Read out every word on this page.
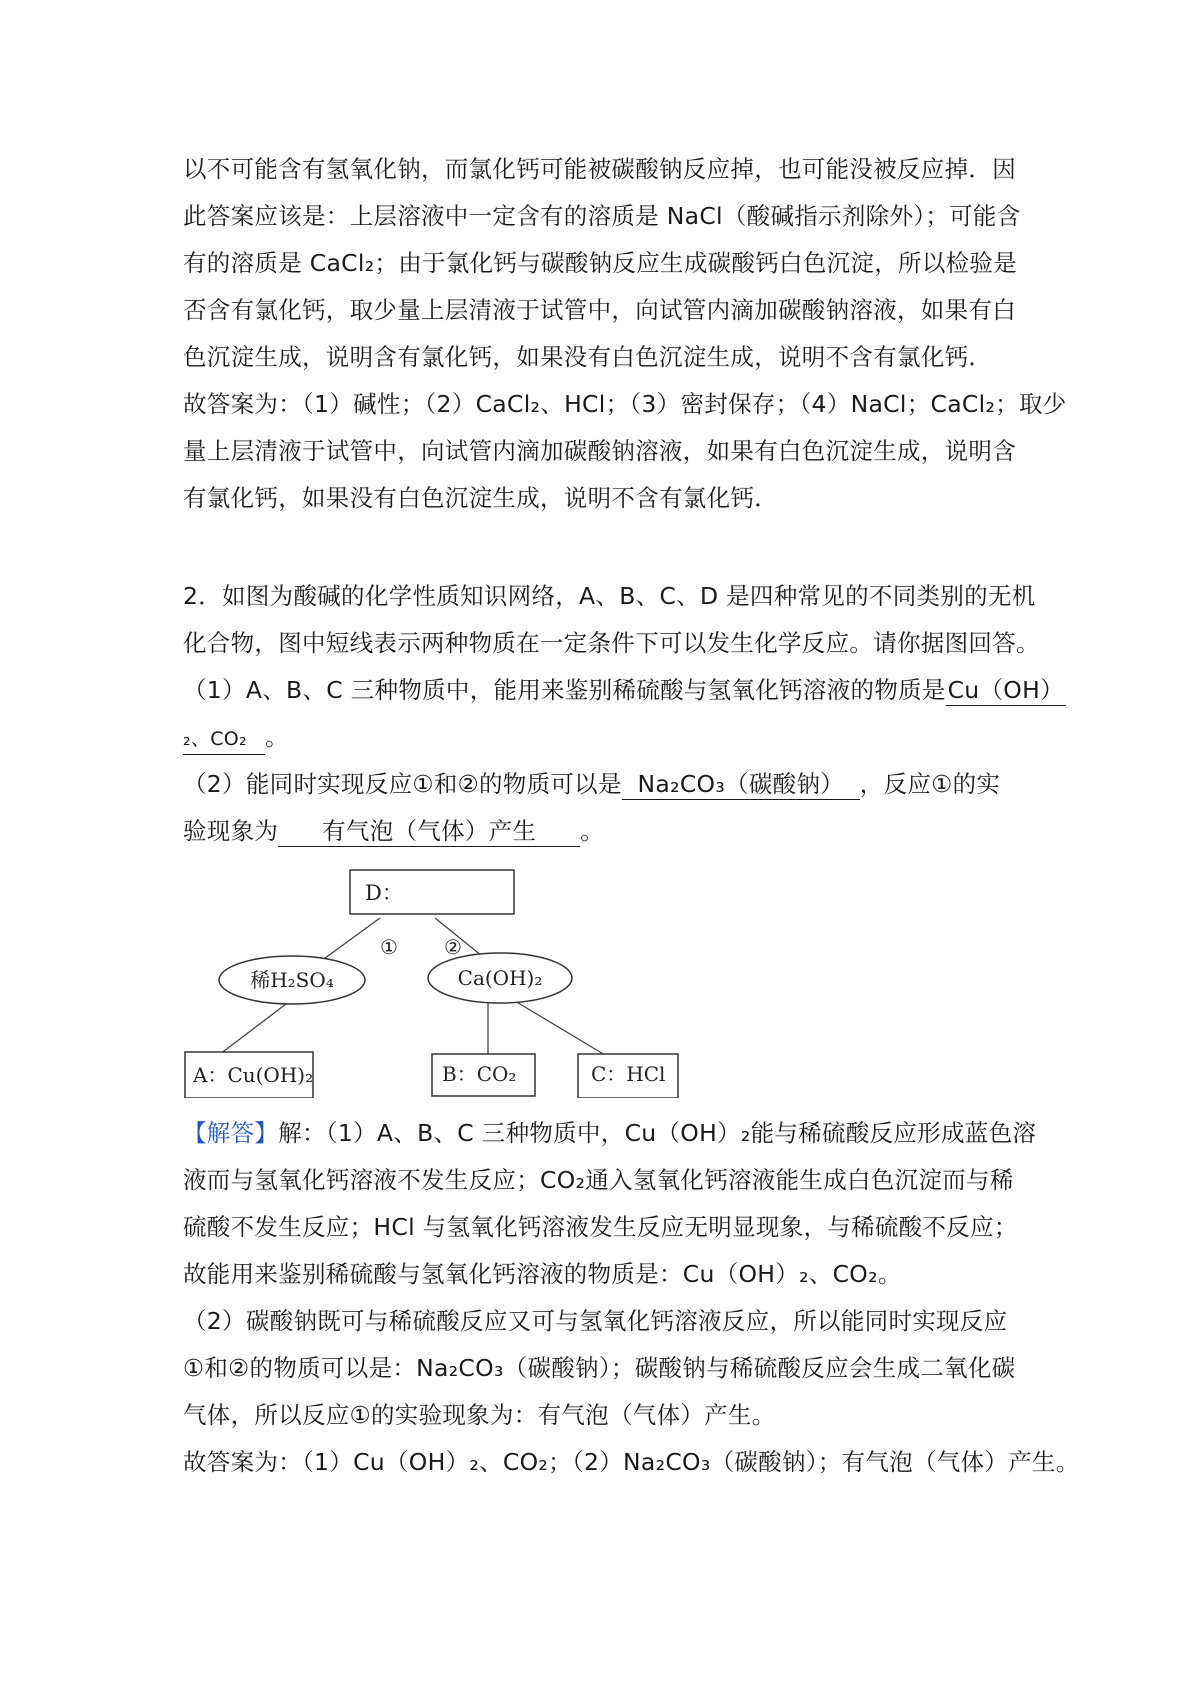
以不可能含有氢氧化钠，而氯化钙可能被碳酸钠反应掉，也可能没被反应掉．因
此答案应该是：上层溶液中一定含有的溶质是 NaCl（酸碱指示剂除外）；可能含
有的溶质是 CaCl₂；由于氯化钙与碳酸钠反应生成碳酸钙白色沉淀，所以检验是
否含有氯化钙，取少量上层清液于试管中，向试管内滴加碳酸钠溶液，如果有白
色沉淀生成，说明含有氯化钙，如果没有白色沉淀生成，说明不含有氯化钙．
故答案为：（1）碱性；（2）CaCl₂、HCl；（3）密封保存；（4）NaCl；CaCl₂；取少
量上层清液于试管中，向试管内滴加碳酸钠溶液，如果有白色沉淀生成，说明含
有氯化钙，如果没有白色沉淀生成，说明不含有氯化钙．
2．如图为酸碱的化学性质知识网络，A、B、C、D 是四种常见的不同类别的无机
化合物，图中短线表示两种物质在一定条件下可以发生化学反应。请你据图回答。
（1）A、B、C 三种物质中，能用来鉴别稀硫酸与氢氧化钙溶液的物质是Cu（OH）
₂、CO₂ 。
（2）能同时实现反应①和②的物质可以是 Na₂CO₃（碳酸钠） ，反应①的实
验现象为 有气泡（气体）产生 。
D：
① ②
稀H₂SO₄	Ca(OH)₂
A：Cu(OH)₂	B：CO₂	C：HCl
【解答】解：（1）A、B、C 三种物质中，Cu（OH）₂能与稀硫酸反应形成蓝色溶
液而与氢氧化钙溶液不发生反应；CO₂通入氢氧化钙溶液能生成白色沉淀而与稀
硫酸不发生反应；HCl 与氢氧化钙溶液发生反应无明显现象，与稀硫酸不反应；
故能用来鉴别稀硫酸与氢氧化钙溶液的物质是：Cu（OH）₂、CO₂。
（2）碳酸钠既可与稀硫酸反应又可与氢氧化钙溶液反应，所以能同时实现反应
①和②的物质可以是：Na₂CO₃（碳酸钠）；碳酸钠与稀硫酸反应会生成二氧化碳
气体，所以反应①的实验现象为：有气泡（气体）产生。
故答案为：（1）Cu（OH）₂、CO₂；（2）Na₂CO₃（碳酸钠）；有气泡（气体）产生。
